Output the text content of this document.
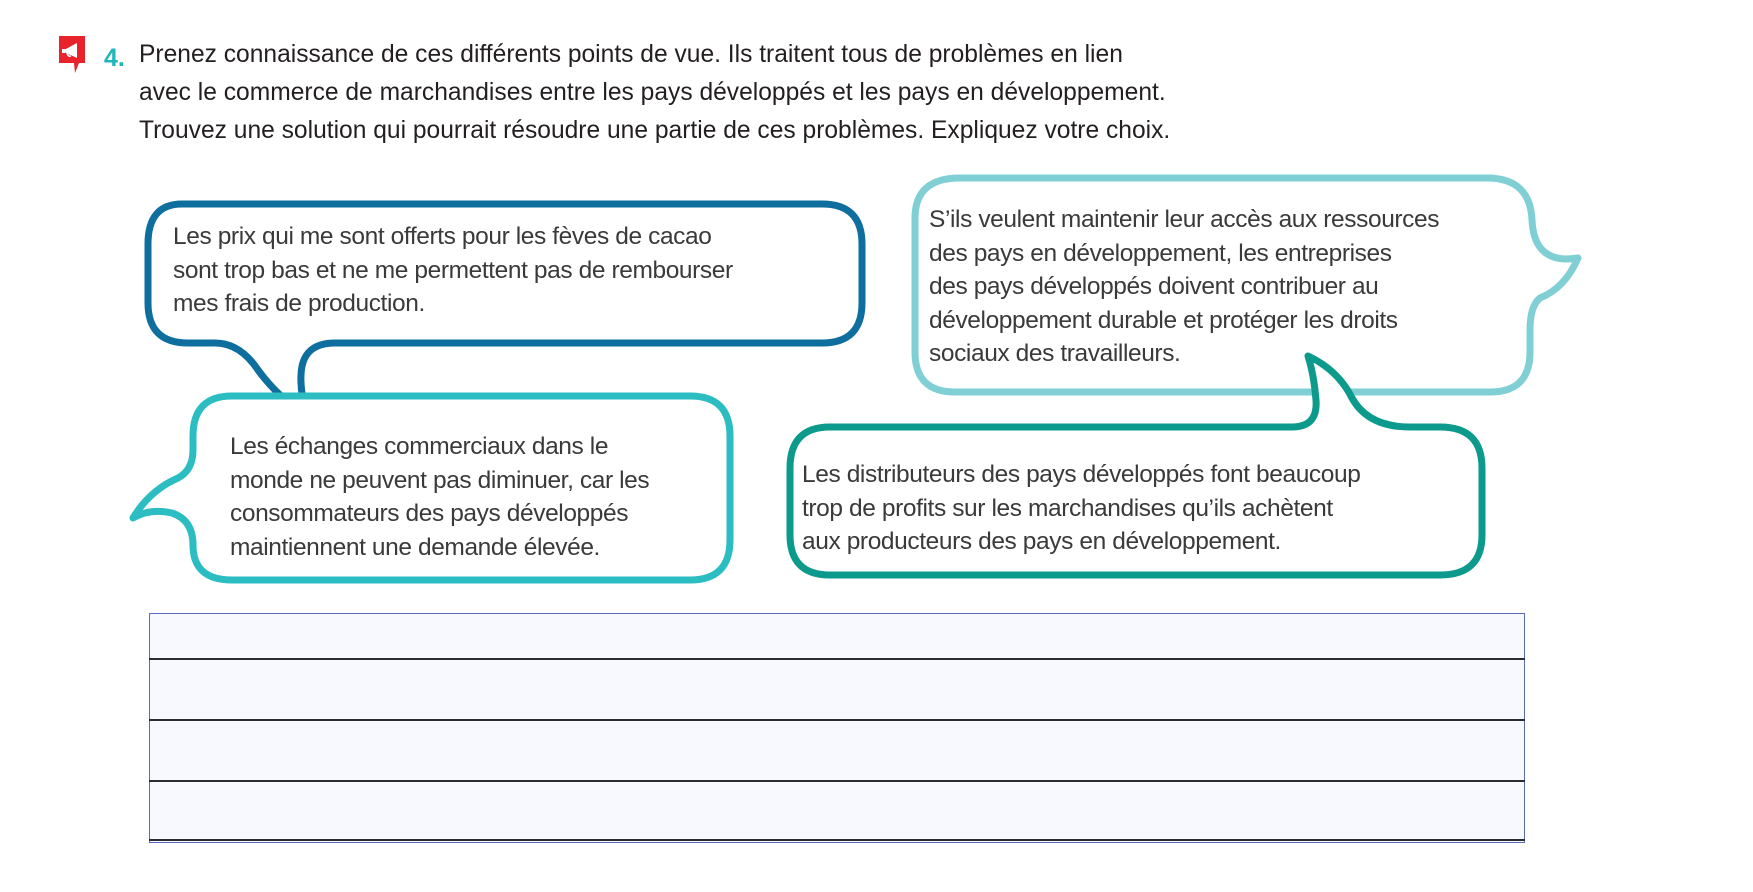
4. Prenez connaissance de ces différents points de vue. Ils traitent tous de problèmes en lien
avec le commerce de marchandises entre les pays développés et les pays en développement.
Trouvez une solution qui pourrait résoudre une partie de ces problèmes. Expliquez votre choix.
Les prix qui me sont offerts pour les fèves de cacao
sont trop bas et ne me permettent pas de rembourser
mes frais de production.
Les échanges commerciaux dans le
monde ne peuvent pas diminuer, car les
consommateurs des pays développés
maintiennent une demande élevée.
S’ils veulent maintenir leur accès aux ressources
des pays en développement, les entreprises
des pays développés doivent contribuer au
développement durable et protéger les droits
sociaux des travailleurs.
Les distributeurs des pays développés font beaucoup
trop de profits sur les marchandises qu’ils achètent
aux producteurs des pays en développement.
